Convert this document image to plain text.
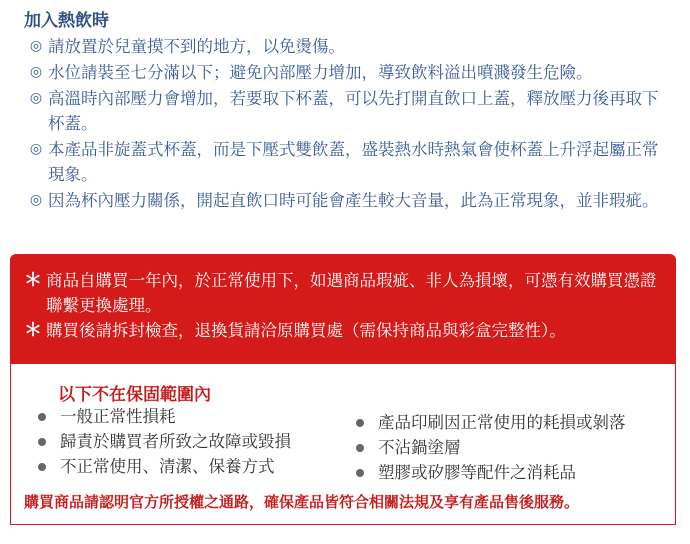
加入熱飲時
◎ 請放置於兒童摸不到的地方，以免燙傷。
◎ 水位請裝至七分滿以下；避免內部壓力增加，導致飲料溢出噴濺發生危險。
◎ 高溫時內部壓力會增加，若要取下杯蓋，可以先打開直飲口上蓋，釋放壓力後再取下杯蓋。
◎ 本產品非旋蓋式杯蓋，而是下壓式雙飲蓋，盛裝熱水時熱氣會使杯蓋上升浮起屬正常現象。
◎ 因為杯內壓力關係，開起直飲口時可能會產生較大音量，此為正常現象，並非瑕疵。
＊ 商品自購買一年內，於正常使用下，如遇商品瑕疵、非人為損壞，可憑有效購買憑證聯繫更換處理。
＊ 購買後請拆封檢查，退換貨請洽原購買處（需保持商品與彩盒完整性）。
以下不在保固範圍內
一般正常性損耗
歸責於購買者所致之故障或毀損
不正常使用、清潔、保養方式
產品印刷因正常使用的耗損或剝落
不沾鍋塗層
塑膠或矽膠等配件之消耗品
購買商品請認明官方所授權之通路，確保產品皆符合相關法規及享有產品售後服務。
